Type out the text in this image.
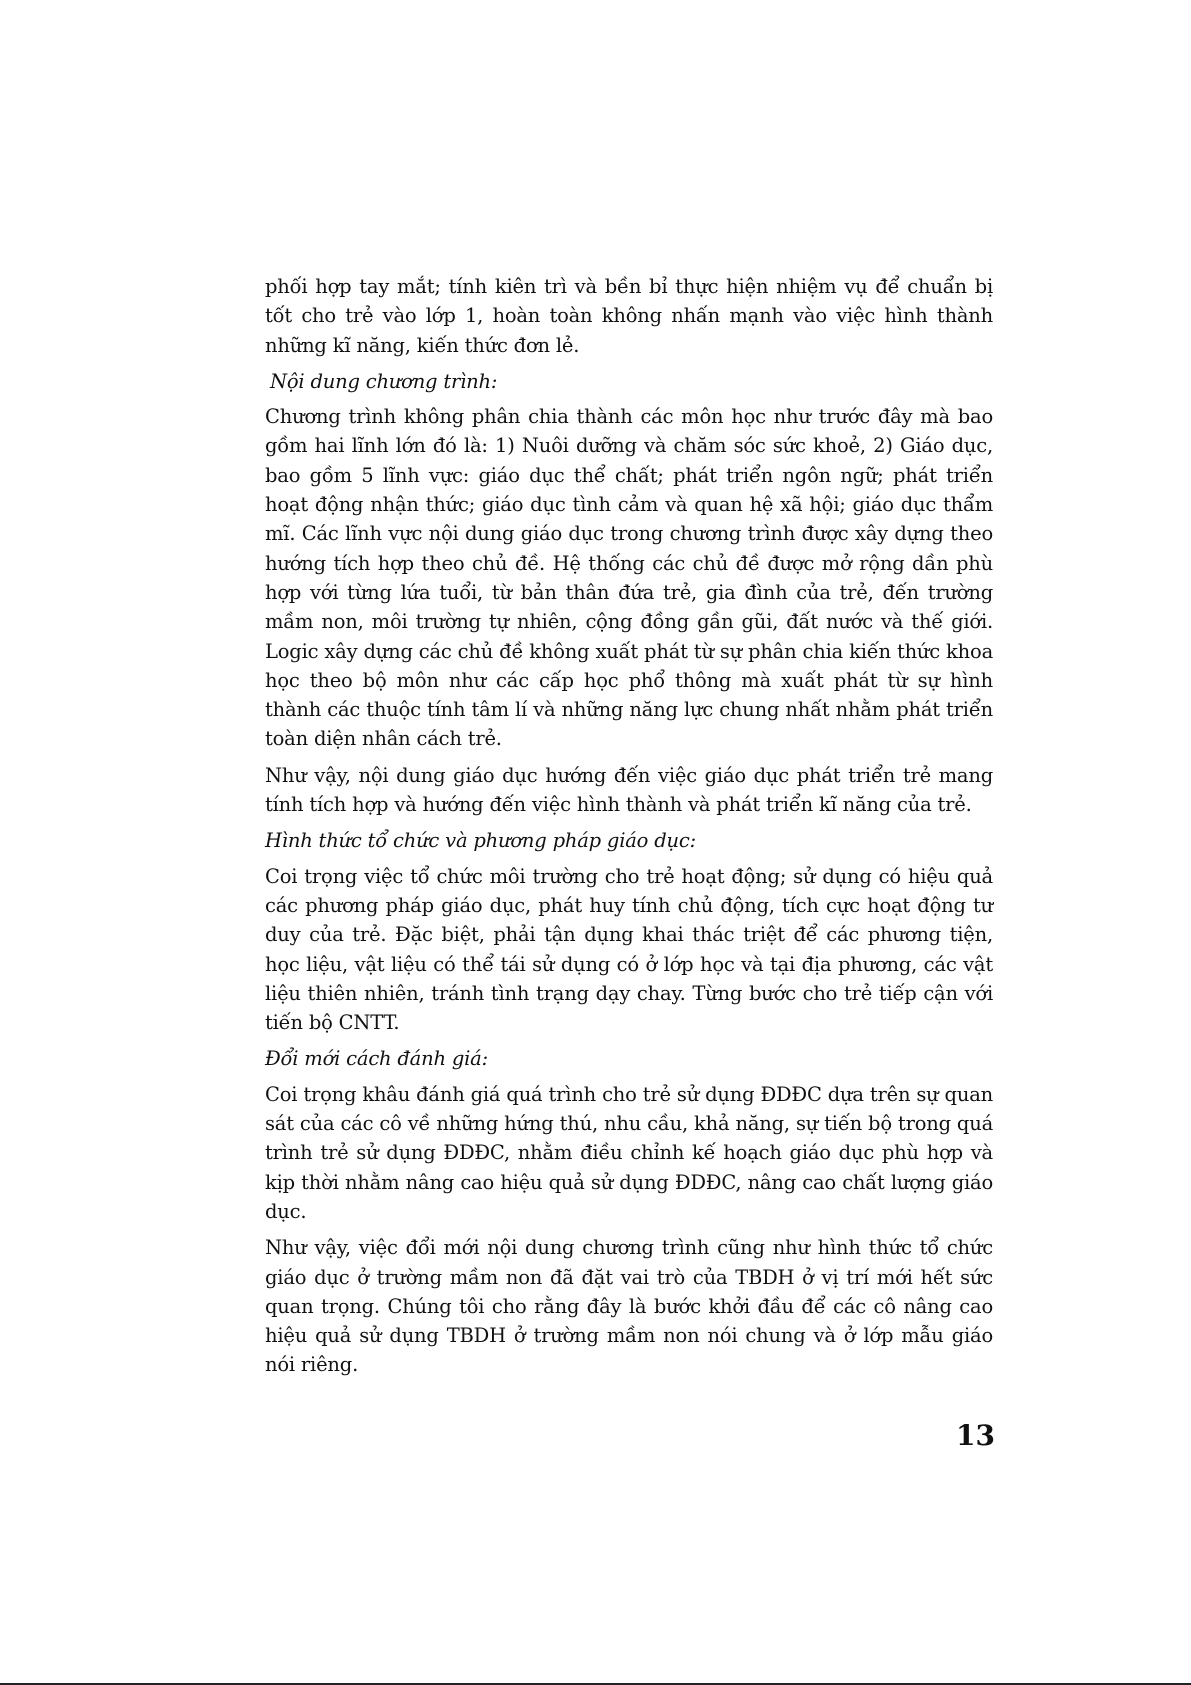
phối hợp tay mắt; tính kiên trì và bền bỉ thực hiện nhiệm vụ để chuẩn bị tốt cho trẻ vào lớp 1, hoàn toàn không nhấn mạnh vào việc hình thành những kĩ năng, kiến thức đơn lẻ.

Nội dung chương trình:

Chương trình không phân chia thành các môn học như trước đây mà bao gồm hai lĩnh lớn đó là: 1) Nuôi dưỡng và chăm sóc sức khoẻ, 2) Giáo dục, bao gồm 5 lĩnh vực: giáo dục thể chất; phát triển ngôn ngữ; phát triển hoạt động nhận thức; giáo dục tình cảm và quan hệ xã hội; giáo dục thẩm mĩ. Các lĩnh vực nội dung giáo dục trong chương trình được xây dựng theo hướng tích hợp theo chủ đề. Hệ thống các chủ đề được mở rộng dần phù hợp với từng lứa tuổi, từ bản thân đứa trẻ, gia đình của trẻ, đến trường mầm non, môi trường tự nhiên, cộng đồng gần gũi, đất nước và thế giới. Logic xây dựng các chủ đề không xuất phát từ sự phân chia kiến thức khoa học theo bộ môn như các cấp học phổ thông mà xuất phát từ sự hình thành các thuộc tính tâm lí và những năng lực chung nhất nhằm phát triển toàn diện nhân cách trẻ.

Như vậy, nội dung giáo dục hướng đến việc giáo dục phát triển trẻ mang tính tích hợp và hướng đến việc hình thành và phát triển kĩ năng của trẻ.

Hình thức tổ chức và phương pháp giáo dục:

Coi trọng việc tổ chức môi trường cho trẻ hoạt động; sử dụng có hiệu quả các phương pháp giáo dục, phát huy tính chủ động, tích cực hoạt động tư duy của trẻ. Đặc biệt, phải tận dụng khai thác triệt để các phương tiện, học liệu, vật liệu có thể tái sử dụng có ở lớp học và tại địa phương, các vật liệu thiên nhiên, tránh tình trạng dạy chay. Từng bước cho trẻ tiếp cận với tiến bộ CNTT.

Đổi mới cách đánh giá:

Coi trọng khâu đánh giá quá trình cho trẻ sử dụng ĐDĐC dựa trên sự quan sát của các cô về những hứng thú, nhu cầu, khả năng, sự tiến bộ trong quá trình trẻ sử dụng ĐDĐC, nhằm điều chỉnh kế hoạch giáo dục phù hợp và kịp thời nhằm nâng cao hiệu quả sử dụng ĐDĐC, nâng cao chất lượng giáo dục.

Như vậy, việc đổi mới nội dung chương trình cũng như hình thức tổ chức giáo dục ở trường mầm non đã đặt vai trò của TBDH ở vị trí mới hết sức quan trọng. Chúng tôi cho rằng đây là bước khởi đầu để các cô nâng cao hiệu quả sử dụng TBDH ở trường mầm non nói chung và ở lớp mẫu giáo nói riêng.

13
